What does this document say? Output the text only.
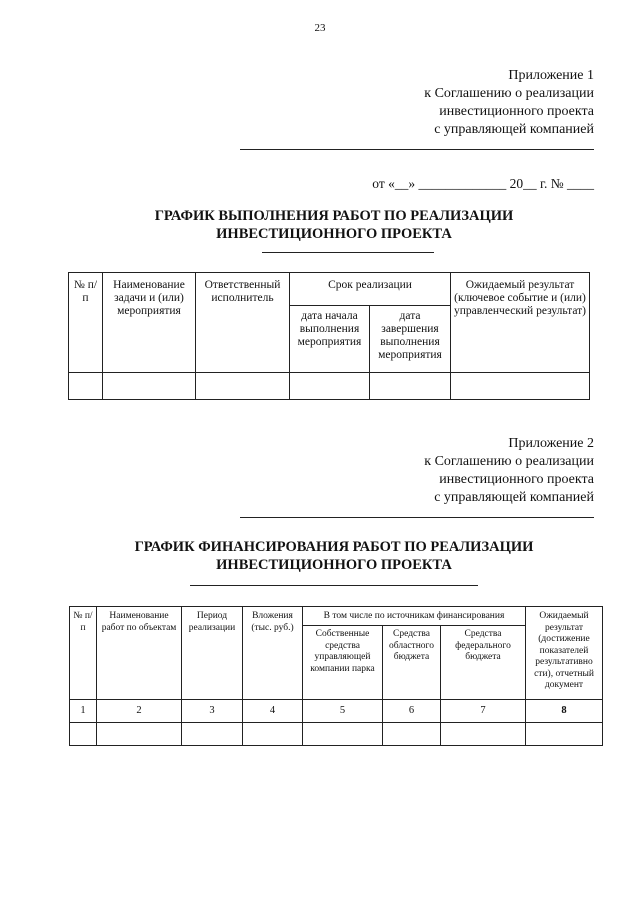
23
Приложение 1
к Соглашению о реализации
инвестиционного проекта
с управляющей компанией
от «__» _____________ 20__ г. № ____
ГРАФИК ВЫПОЛНЕНИЯ РАБОТ ПО РЕАЛИЗАЦИИ
ИНВЕСТИЦИОННОГО ПРОЕКТА
№ п/п	Наименование задачи и (или) мероприятия	Ответственный исполнитель	Срок реализации		Ожидаемый результат (ключевое событие и (или) управленческий результат)
			дата начала выполнения мероприятия	дата завершения выполнения мероприятия	

Приложение 2
к Соглашению о реализации
инвестиционного проекта
с управляющей компанией
ГРАФИК ФИНАНСИРОВАНИЯ РАБОТ ПО РЕАЛИЗАЦИИ
ИНВЕСТИЦИОННОГО ПРОЕКТА
№ п/п	Наименование работ по объектам	Период реализации	Вложения (тыс. руб.)	В том числе по источникам финансирования			Ожидаемый результат (достижение показателей результативно сти), отчетный документ
				Собственные средства управляющей компании парка	Средства областного бюджета	Средства федерального бюджета	
1	2	3	4	5	6	7	8
